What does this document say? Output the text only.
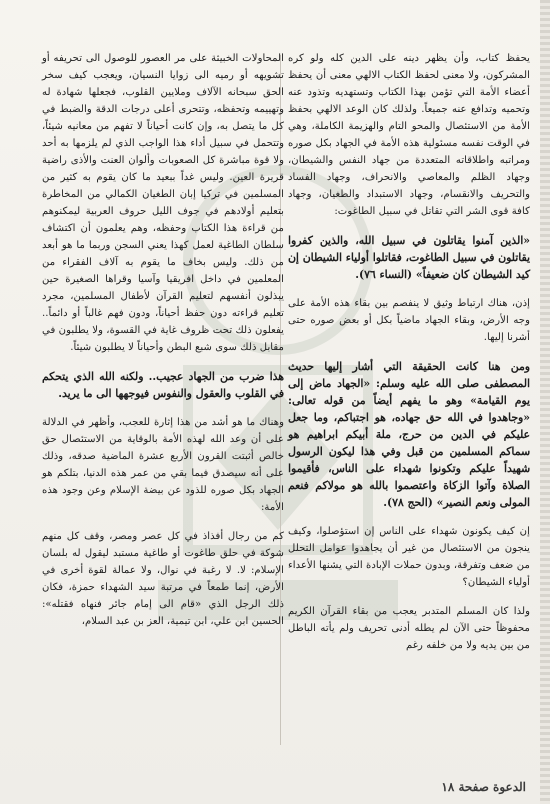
يحفظ كتاب، وأن يظهر دينه على الدين كله ولو كره المشركون، ولا معنى لحفظ الكتاب الالهي معنى أن يحفظ أعضاء الأمة التي تؤمن بهذا الكتاب وتستهديه وتذود عنه وتحميه وتدافع عنه جميعاً. ولذلك كان الوعد الالهي بحفظ الأمة من الاستئصال والمحو التام والهزيمة الكاملة، وهي في الوقت نفسه مسئولية هذه الأمة في الجهاد بكل صوره ومراتبه واطلاقاته المتعددة من جهاد النفس والشيطان، وجهاد الظلم والمعاصي والانحراف، وجهاد الفساد والتحريف والانقسام، وجهاد الاستبداد والطغيان، وجهاد كافة قوى الشر التي تقاتل في سبيل الطاغوت:

«الذين آمنوا يقاتلون في سبيل الله، والذين كفروا يقاتلون في سبيل الطاغوت، فقاتلوا أولياء الشيطان إن كيد الشيطان كان ضعيفاً» (النساء ٧٦).

إذن، هناك ارتباط وثيق لا ينفصم بين بقاء هذه الأمة على وجه الأرض، وبقاء الجهاد ماضياً بكل أو بعض صوره حتى أشرنا إليها.

ومن هنا كانت الحقيقة التي أشار إليها حديث المصطفى صلى الله عليه وسلم: «الجهاد ماض إلى يوم القيامة» وهو ما يفهم أيضاً من قوله تعالى: «وجاهدوا في الله حق جهاده، هو اجتباكم، وما جعل عليكم في الدين من حرج، ملة أبيكم ابراهيم هو سماكم المسلمين من قبل وفي هذا ليكون الرسول شهيداً عليكم وتكونوا شهداء على الناس، فأقيموا الصلاة وآتوا الزكاة واعتصموا بالله هو مولاكم فنعم المولى ونعم النصير» (الحج ٧٨).

إن كيف يكونون شهداء على الناس إن استؤصلوا، وكيف ينجون من الاستئصال من غير أن يجاهدوا عوامل التحلل من ضعف وتفرقة، وبدون حملات الإبادة التي يشنها الأعداء أولياء الشيطان؟

ولذا كان المسلم المتدبر يعجب من بقاء القرآن الكريم محفوظاً حتى الآن لم يطله أدنى تحريف ولم يأته الباطل من بين يديه ولا من خلفه رغم

المحاولات الخبيثة على مر العصور للوصول الى تحريفه أو تشويهه أو رميه الى زوايا النسيان، ويعجب كيف سخر الحق سبحانه الآلاف وملايين القلوب، فجعلها شهادة له وتهييمه وتحفظه، وتتحرى أعلى درجات الدقة والضبط في كل ما يتصل به، وإن كانت أحياناً لا تفهم من معانيه شيئاً، وتتحمل في سبيل أداء هذا الواجب الذي لم يلزمها به أحد ولا قوة مباشرة كل الصعوبات وألوان العنت والأذى راضية قريرة العين. وليس غداً ببعيد ما كان يقوم به كثير من المسلمين في تركيا إبان الطغيان الكمالي من المخاطرة بتعليم أولادهم في جوف الليل حروف العربية ليمكنوهم من قراءة هذا الكتاب وحفظه، وهم يعلمون أن اكتشاف سلطان الطاغية لعمل كهذا يعني السجن وربما ما هو أبعد من ذلك. وليس بخاف ما يقوم به آلاف الفقراء من المعلمين في داخل افريقيا وآسيا وقراها الصغيرة حين يبذلون أنفسهم لتعليم القرآن لأطفال المسلمين، مجرد تعليم قراءته دون حفظ أحياناً، ودون فهم غالباً أو دائماً.. يفعلون ذلك تحت ظروف غاية في القسوة، ولا يطلبون في مقابل ذلك سوى شبع البطن وأحياناً لا يطلبون شيئاً.

هذا ضرب من الجهاد عجيب.. ولكنه الله الذي يتحكم في القلوب والعقول والنفوس فيوجهها الى ما يريد.

وهناك ما هو أشد من هذا إثارة للعجب، وأظهر في الدلالة على أن وعد الله لهذه الأمة بالوقاية من الاستئصال حق خالص أثبتت القرون الأربع عشرة الماضية صدقه، وذلك على أنه سيصدق فيما بقي من عمر هذه الدنيا، بتلكم هو الجهاد بكل صوره للذود عن بيضة الإسلام وعن وجود هذه الأمة:

كم من رجال أفذاذ في كل عصر ومصر، وقف كل منهم شوكة في حلق طاغوت أو طاغية مستبد ليقول له بلسان الإسلام: لا. لا رغبة في نوال، ولا عمالة لقوة أخرى في الأرض، إنما طمعاً في مرتبة سيد الشهداء حمزة، فكان ذلك الرجل الذي «قام الى إمام جائر فنهاه فقتله»: الحسين ابن علي، ابن تيمية، العز بن عبد السلام،

الدعوة صفحة ١٨
